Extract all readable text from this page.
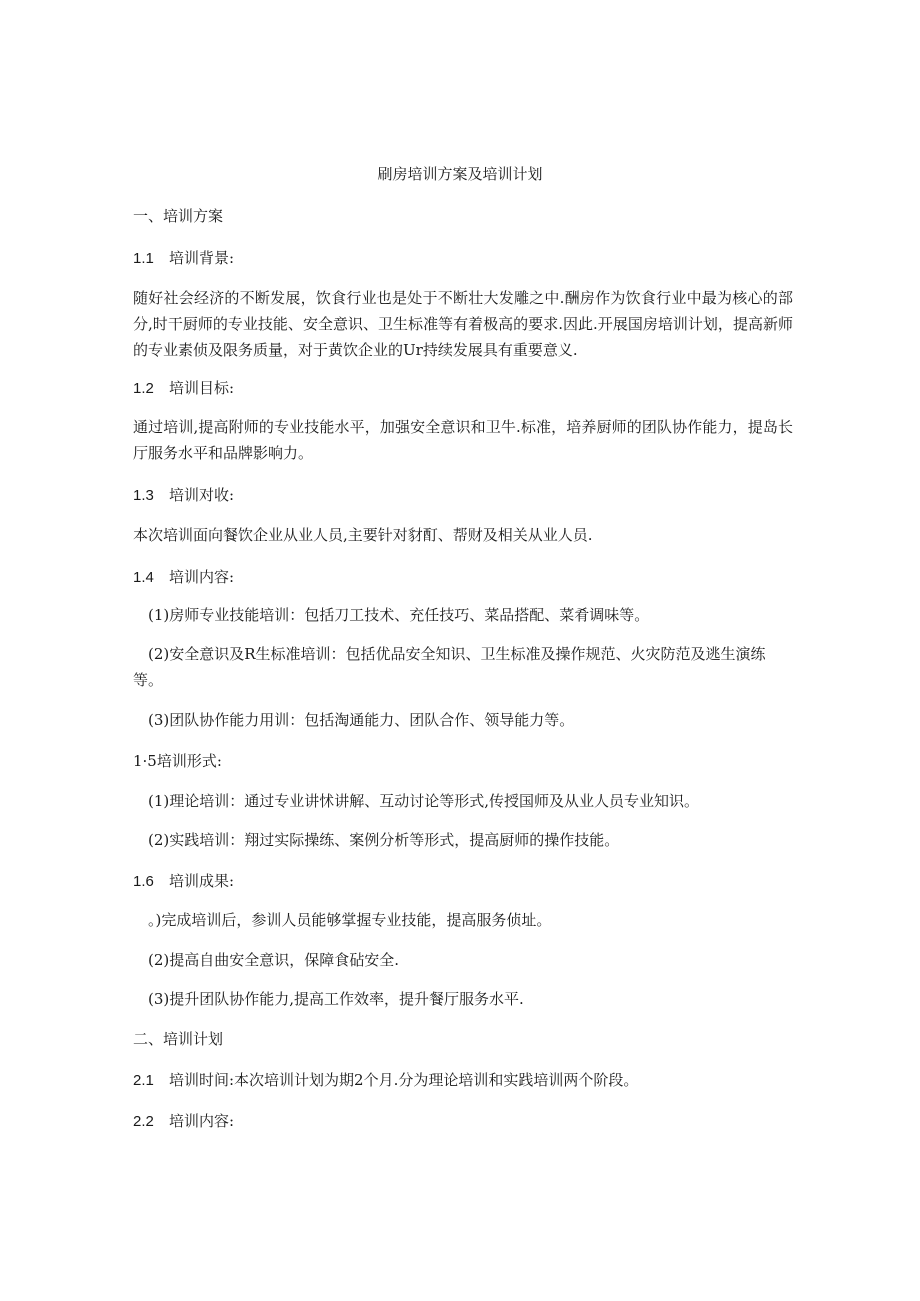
刷房培训方案及培训计划

一、培训方案

1.1 培训背景:

随好社会经济的不断发展，饮食行业也是处于不断壮大发雕之中.酬房作为饮食行业中最为核心的部分,时干厨师的专业技能、安全意识、卫生标准等有着极高的要求.因此.开展国房培训计划，提高新师的专业素侦及限务质量，对于黄饮企业的Ur持续发展具有重要意义.

1.2 培训目标:

通过培训,提高附师的专业技能水平，加强安全意识和卫牛.标准，培养厨师的团队协作能力，提岛长厅服务水平和品牌影响力。

1.3 培训对收:

本次培训面向餐饮企业从业人员,主要针对豺酊、帮财及相关从业人员.

1.4 培训内容:

(1)房师专业技能培训：包括刀工技术、充任技巧、菜品搭配、菜肴调味等。

(2)安全意识及R生标准培训：包括优品安全知识、卫生标准及操作规范、火灾防范及逃生演练等。

(3)团队协作能力用训：包括淘通能力、团队合作、领导能力等。

1·5培训形式:

(1)理论培训：通过专业讲怵讲解、互动讨论等形式,传授国师及从业人员专业知识。

(2)实践培训：翔过实际操练、案例分析等形式，提高厨师的操作技能。

1.6 培训成果:

。)完成培训后，参训人员能够掌握专业技能，提高服务侦址。

(2)提高自曲安全意识，保障食砧安全.

(3)提升团队协作能力,提高工作效率，提升餐厅服务水平.

二、培训计划

2.1 培训时间:本次培训计划为期2个月.分为理论培训和实践培训两个阶段。

2.2 培训内容:
